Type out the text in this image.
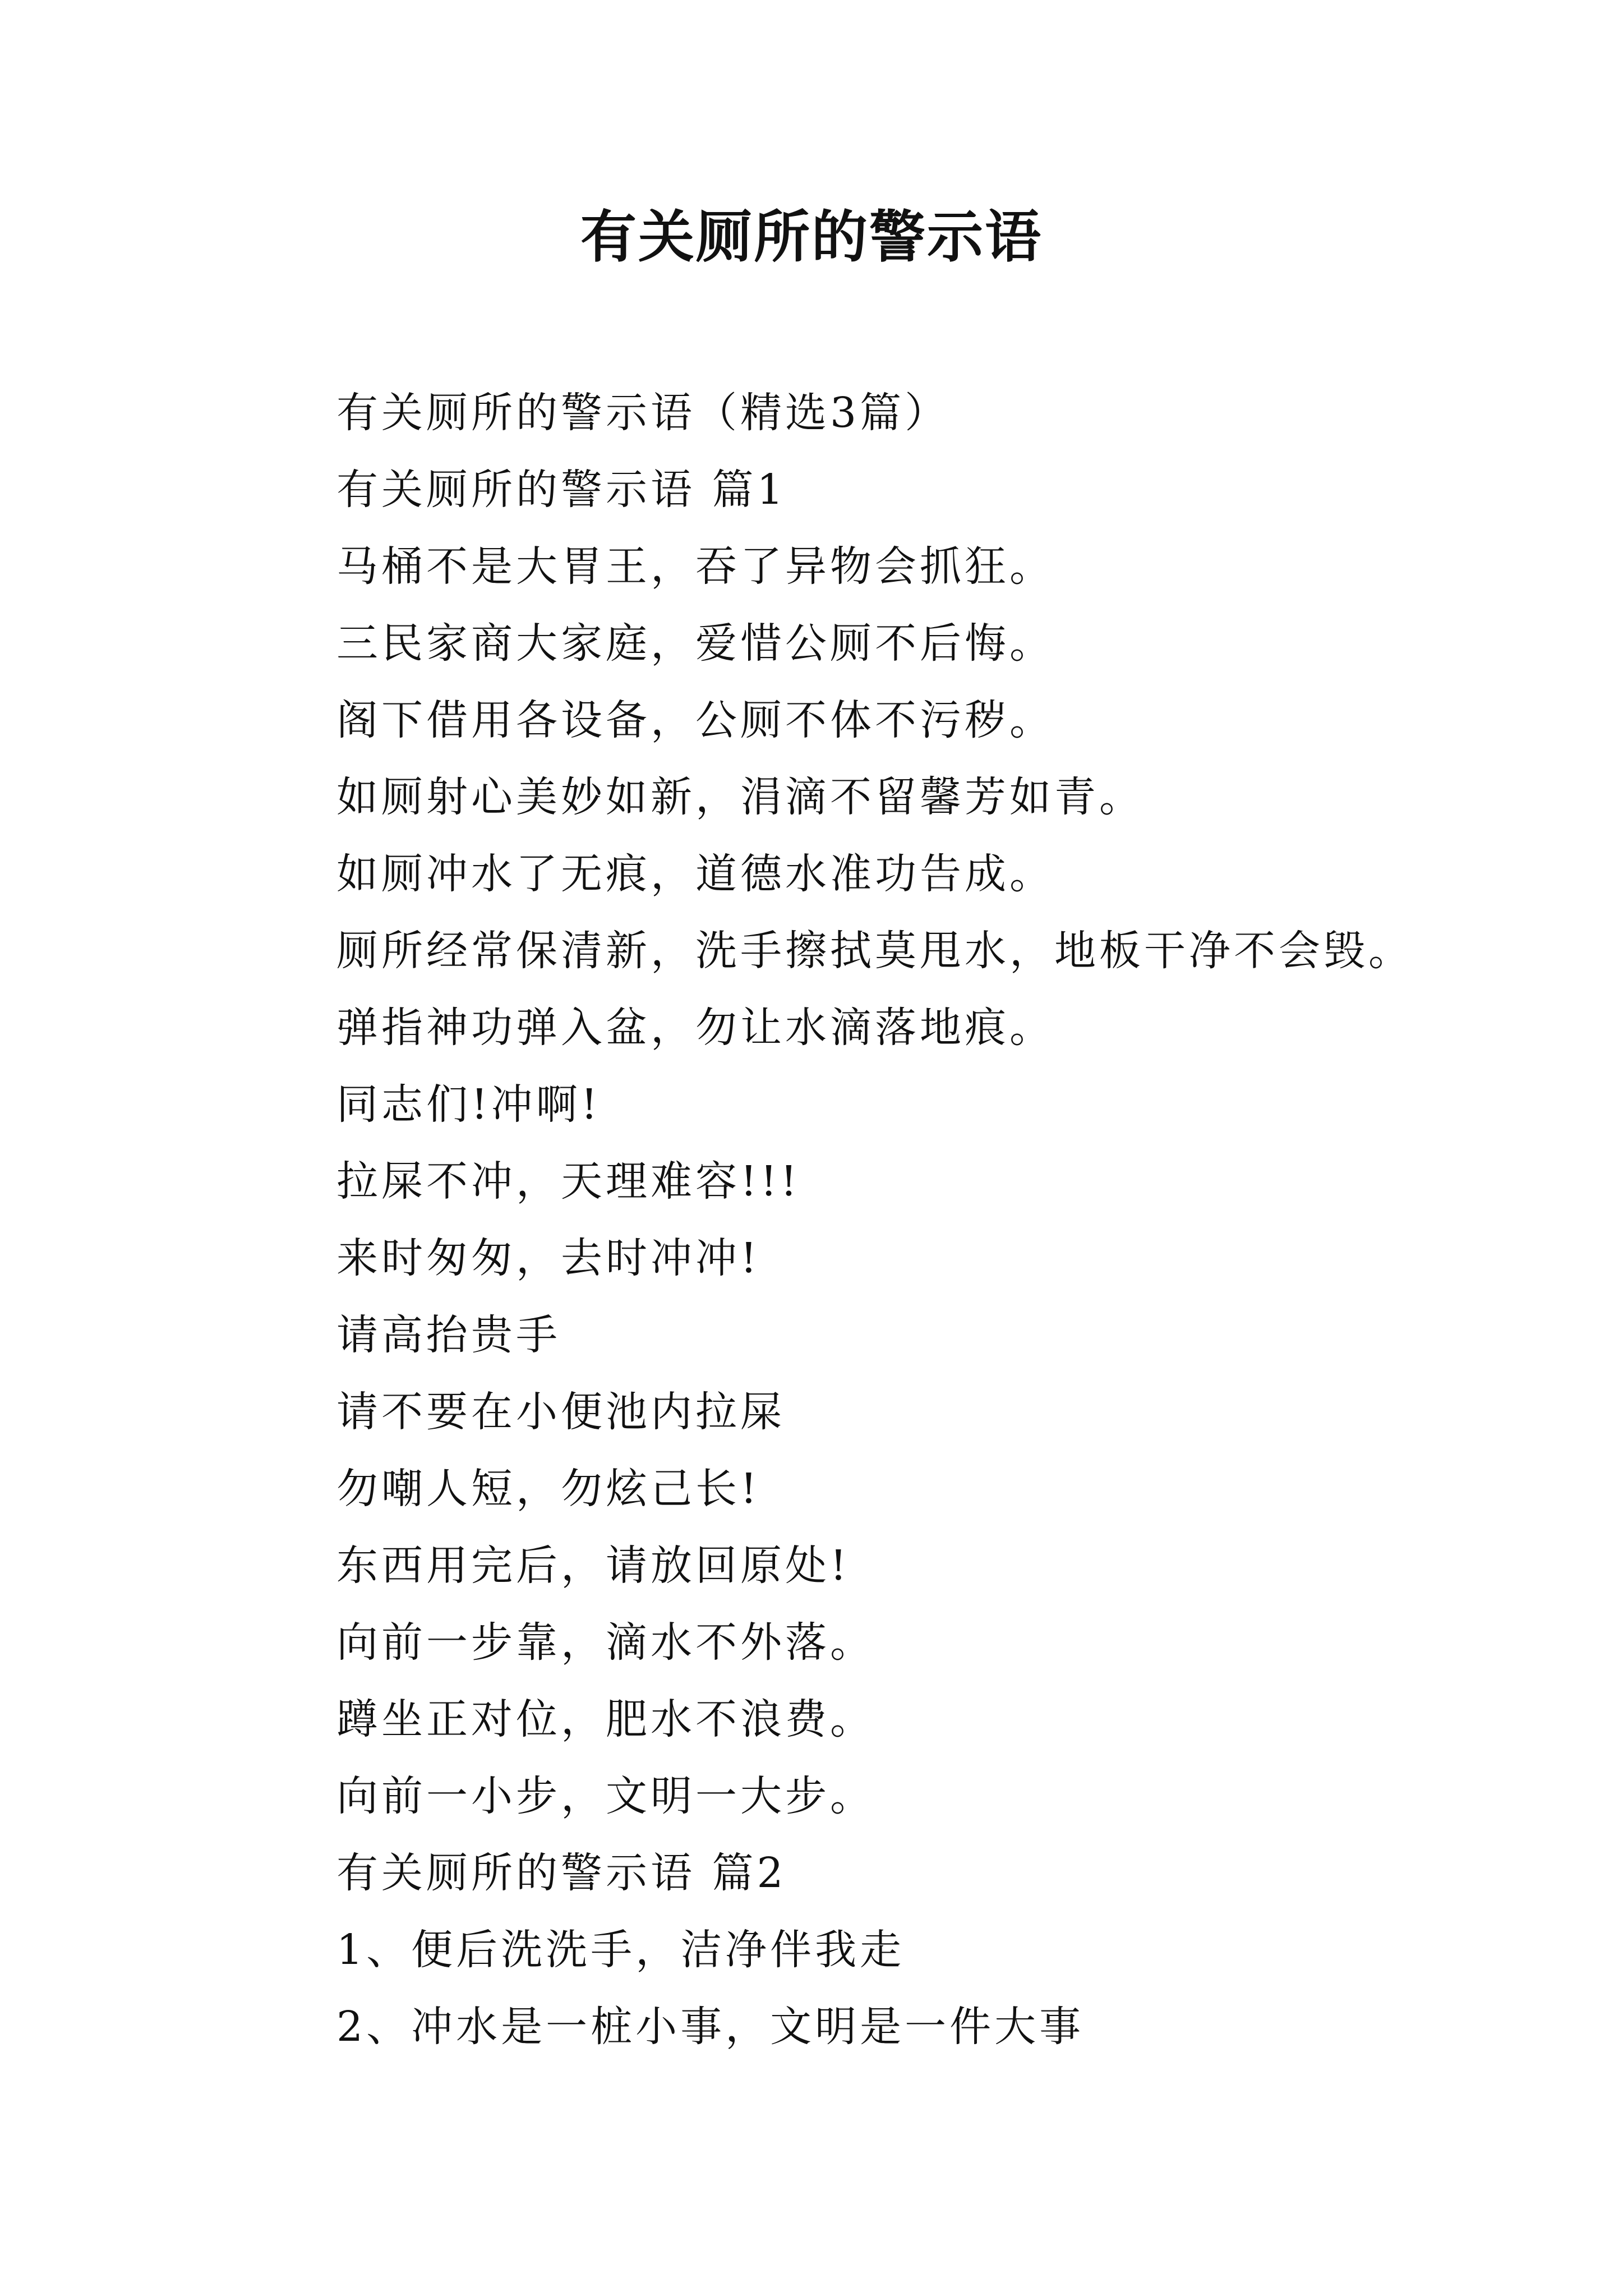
有关厕所的警示语

有关厕所的警示语（精选3篇）

有关厕所的警示语 篇1

马桶不是大胃王，吞了异物会抓狂。

三民家商大家庭，爱惜公厕不后悔。

阁下借用各设备，公厕不体不污秽。

如厕射心美妙如新，涓滴不留馨芳如青。

如厕冲水了无痕，道德水准功告成。

厕所经常保清新，洗手擦拭莫甩水，地板干净不会毁。

弹指神功弹入盆，勿让水滴落地痕。

同志们!冲啊!

拉屎不冲，天理难容!!!

来时匆匆，去时冲冲!

请高抬贵手

请不要在小便池内拉屎

勿嘲人短，勿炫己长!

东西用完后，请放回原处!

向前一步靠，滴水不外落。

蹲坐正对位，肥水不浪费。

向前一小步，文明一大步。

有关厕所的警示语 篇2

1、便后洗洗手，洁净伴我走

2、冲水是一桩小事，文明是一件大事
